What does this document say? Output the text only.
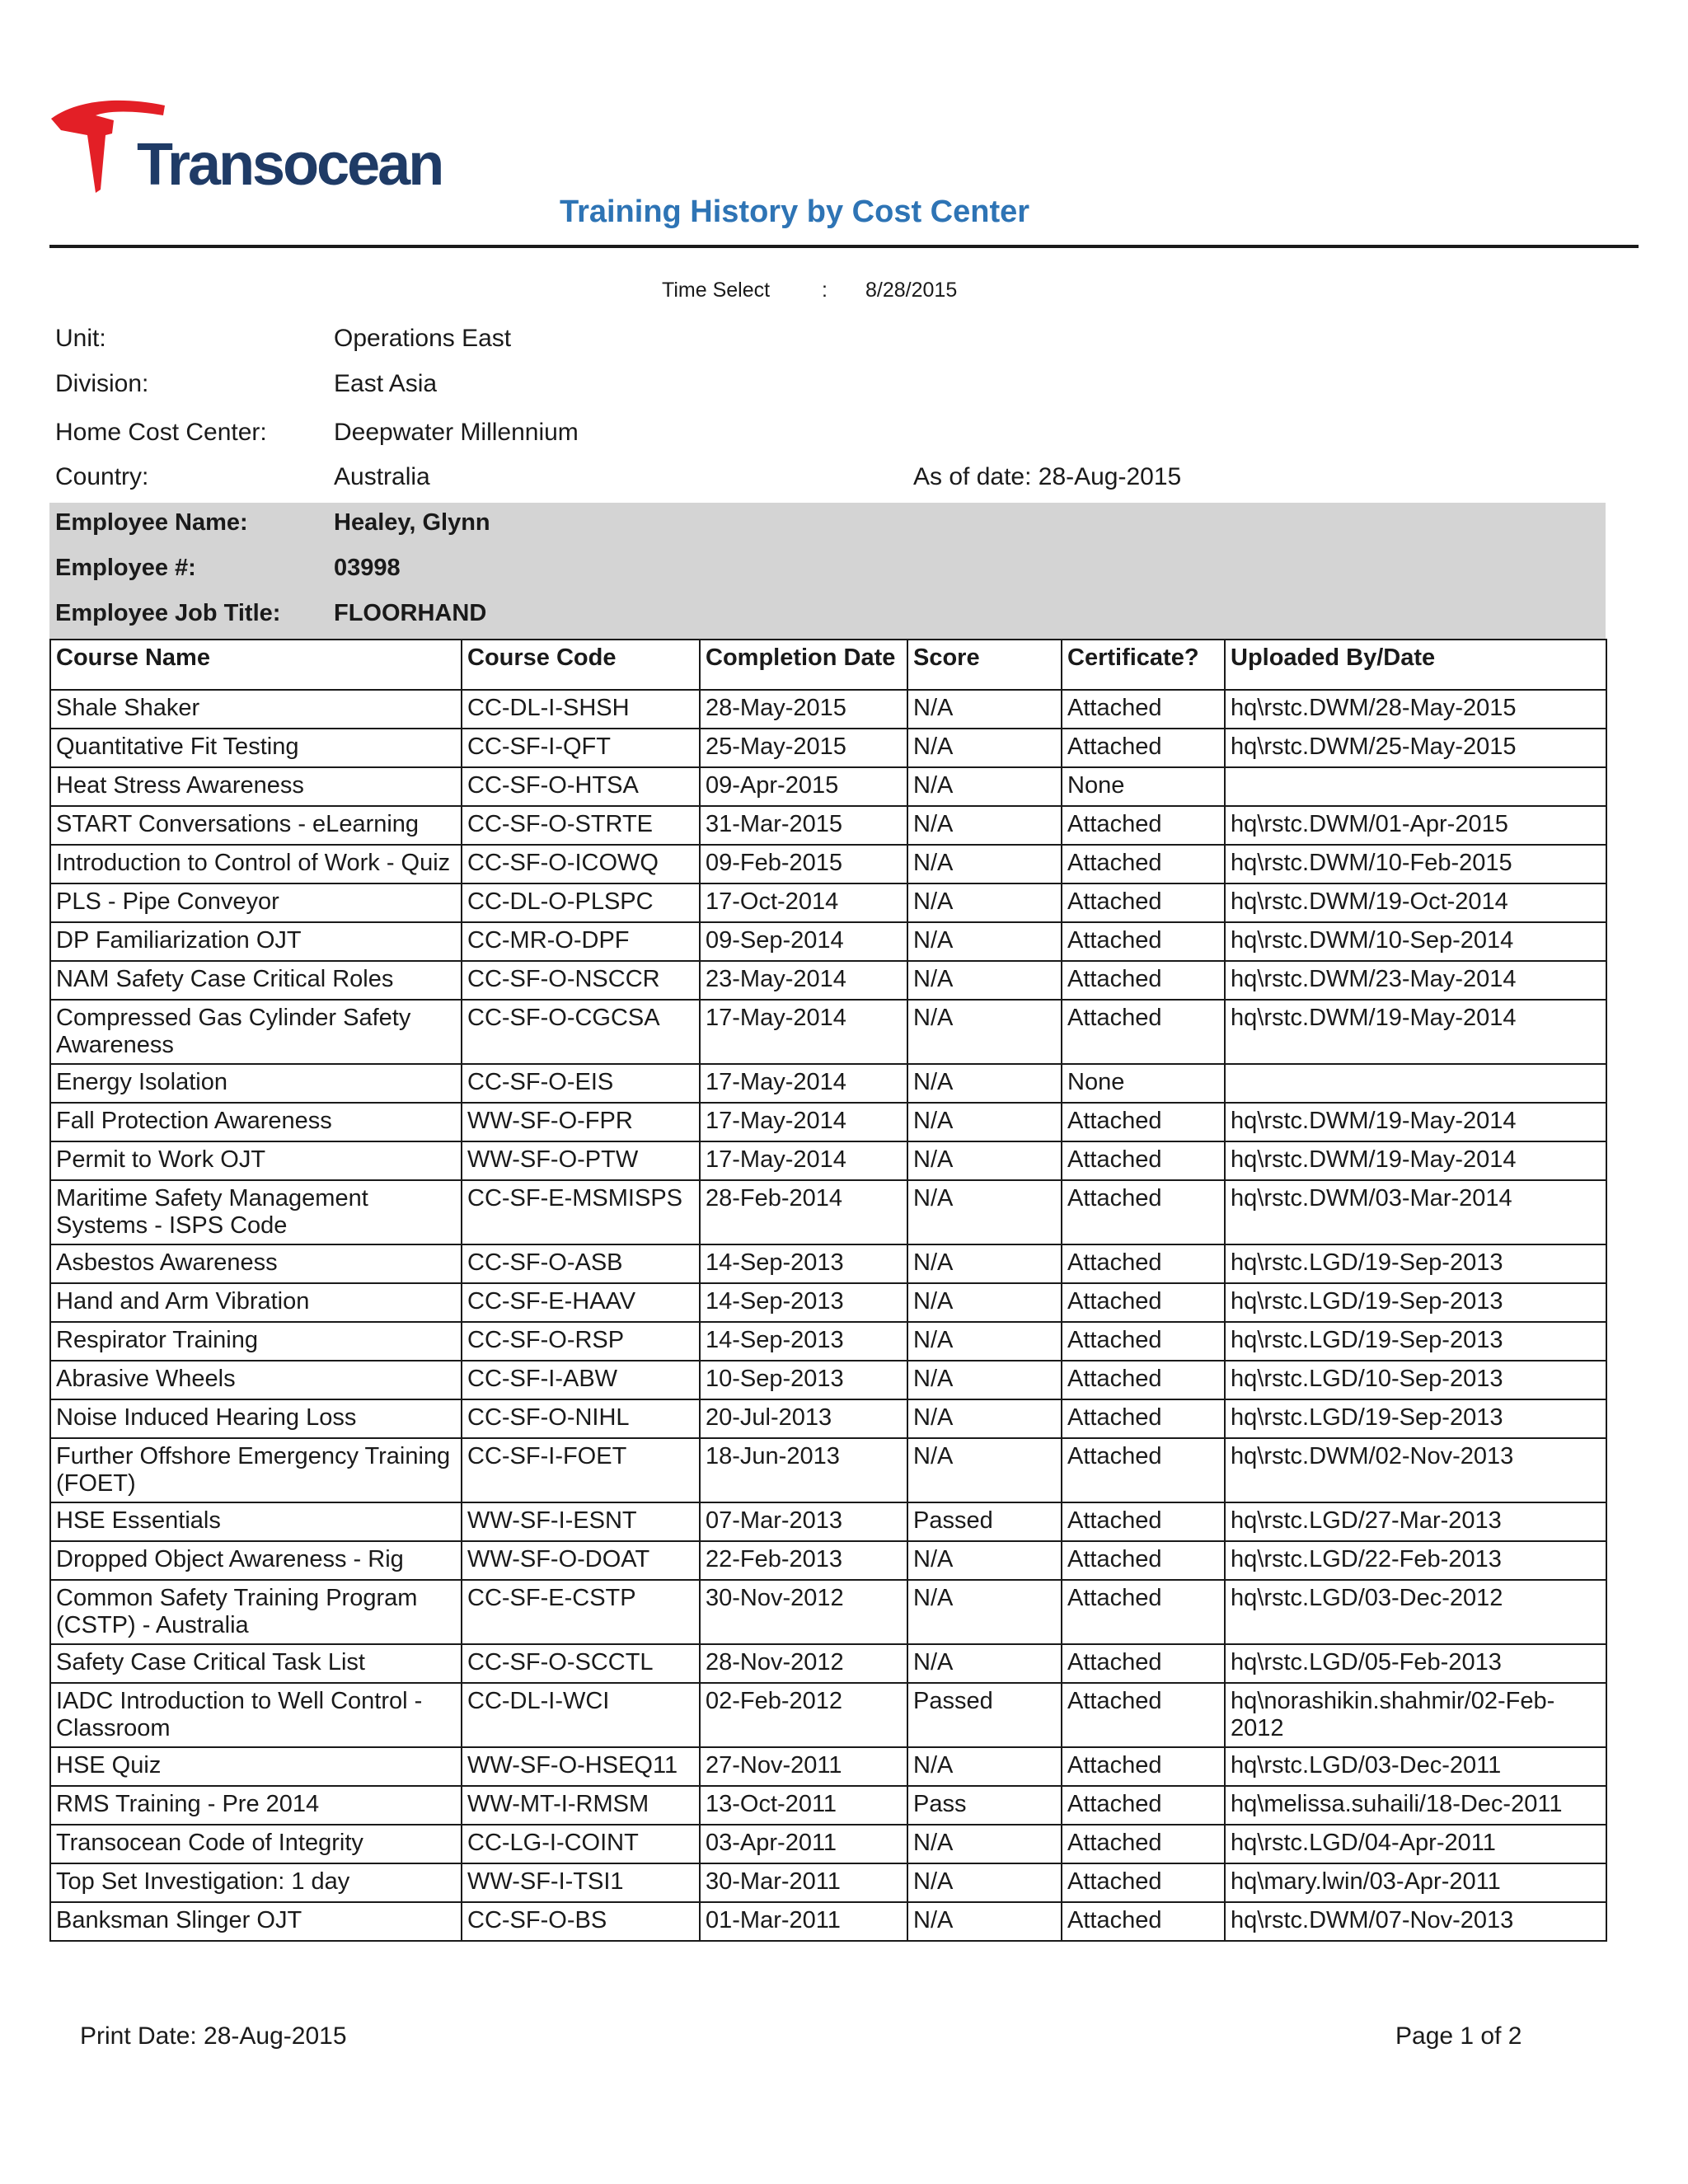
Transocean
Training History by Cost Center
Time Select	: 8/28/2015
Unit:	Operations East
Division:	East Asia
Home Cost Center:	Deepwater Millennium
Country:	Australia	As of date: 28-Aug-2015
Employee Name:	Healey, Glynn
Employee #:	03998
Employee Job Title: FLOORHAND
Course Name	Course Code	Completion Date	Score	Certificate?	Uploaded By/Date
Shale Shaker	CC-DL-I-SHSH	28-May-2015	N/A	Attached	hq\rstc.DWM/28-May-2015
Quantitative Fit Testing	CC-SF-I-QFT	25-May-2015	N/A	Attached	hq\rstc.DWM/25-May-2015
Heat Stress Awareness	CC-SF-O-HTSA	09-Apr-2015	N/A	None	
START Conversations - eLearning	CC-SF-O-STRTE	31-Mar-2015	N/A	Attached	hq\rstc.DWM/01-Apr-2015
Introduction to Control of Work - Quiz	CC-SF-O-ICOWQ	09-Feb-2015	N/A	Attached	hq\rstc.DWM/10-Feb-2015
PLS - Pipe Conveyor	CC-DL-O-PLSPC	17-Oct-2014	N/A	Attached	hq\rstc.DWM/19-Oct-2014
DP Familiarization OJT	CC-MR-O-DPF	09-Sep-2014	N/A	Attached	hq\rstc.DWM/10-Sep-2014
NAM Safety Case Critical Roles	CC-SF-O-NSCCR	23-May-2014	N/A	Attached	hq\rstc.DWM/23-May-2014
Compressed Gas Cylinder Safety Awareness	CC-SF-O-CGCSA	17-May-2014	N/A	Attached	hq\rstc.DWM/19-May-2014
Energy Isolation	CC-SF-O-EIS	17-May-2014	N/A	None	
Fall Protection Awareness	WW-SF-O-FPR	17-May-2014	N/A	Attached	hq\rstc.DWM/19-May-2014
Permit to Work OJT	WW-SF-O-PTW	17-May-2014	N/A	Attached	hq\rstc.DWM/19-May-2014
Maritime Safety Management Systems - ISPS Code	CC-SF-E-MSMISPS	28-Feb-2014	N/A	Attached	hq\rstc.DWM/03-Mar-2014
Asbestos Awareness	CC-SF-O-ASB	14-Sep-2013	N/A	Attached	hq\rstc.LGD/19-Sep-2013
Hand and Arm Vibration	CC-SF-E-HAAV	14-Sep-2013	N/A	Attached	hq\rstc.LGD/19-Sep-2013
Respirator Training	CC-SF-O-RSP	14-Sep-2013	N/A	Attached	hq\rstc.LGD/19-Sep-2013
Abrasive Wheels	CC-SF-I-ABW	10-Sep-2013	N/A	Attached	hq\rstc.LGD/10-Sep-2013
Noise Induced Hearing Loss	CC-SF-O-NIHL	20-Jul-2013	N/A	Attached	hq\rstc.LGD/19-Sep-2013
Further Offshore Emergency Training (FOET)	CC-SF-I-FOET	18-Jun-2013	N/A	Attached	hq\rstc.DWM/02-Nov-2013
HSE Essentials	WW-SF-I-ESNT	07-Mar-2013	Passed	Attached	hq\rstc.LGD/27-Mar-2013
Dropped Object Awareness - Rig	WW-SF-O-DOAT	22-Feb-2013	N/A	Attached	hq\rstc.LGD/22-Feb-2013
Common Safety Training Program (CSTP) - Australia	CC-SF-E-CSTP	30-Nov-2012	N/A	Attached	hq\rstc.LGD/03-Dec-2012
Safety Case Critical Task List	CC-SF-O-SCCTL	28-Nov-2012	N/A	Attached	hq\rstc.LGD/05-Feb-2013
IADC Introduction to Well Control - Classroom	CC-DL-I-WCI	02-Feb-2012	Passed	Attached	hq\norashikin.shahmir/02-Feb-2012
HSE Quiz	WW-SF-O-HSEQ11	27-Nov-2011	N/A	Attached	hq\rstc.LGD/03-Dec-2011
RMS Training - Pre 2014	WW-MT-I-RMSM	13-Oct-2011	Pass	Attached	hq\melissa.suhaili/18-Dec-2011
Transocean Code of Integrity	CC-LG-I-COINT	03-Apr-2011	N/A	Attached	hq\rstc.LGD/04-Apr-2011
Top Set Investigation: 1 day	WW-SF-I-TSI1	30-Mar-2011	N/A	Attached	hq\mary.lwin/03-Apr-2011
Banksman Slinger OJT	CC-SF-O-BS	01-Mar-2011	N/A	Attached	hq\rstc.DWM/07-Nov-2013
Print Date: 28-Aug-2015	Page 1 of 2
